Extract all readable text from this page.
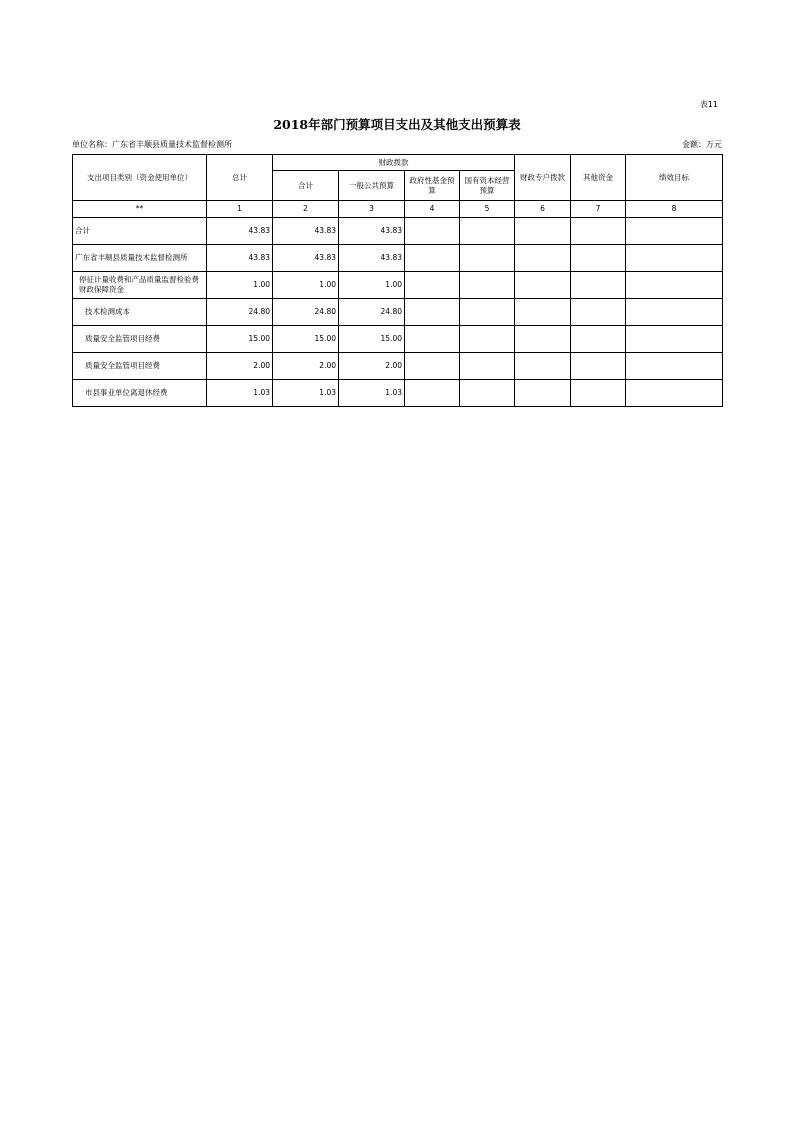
表11
2018年部门预算项目支出及其他支出预算表
单位名称：广东省丰顺县质量技术监督检测所	金额：万元
支出项目类别（资金使用单位）	总计	财政拨款				财政专户拨款	其他资金	绩效目标
		合计	一般公共预算	政府性基金预算	国有资本经营预算			
**	1	2	3	4	5	6	7	8
合计	43.83	43.83	43.83					
广东省丰顺县质量技术监督检测所	43.83	43.83	43.83					
停征计量收费和产品质量监督检验费财政保障资金	1.00	1.00	1.00					
技术检测成本	24.80	24.80	24.80					
质量安全监管项目经费	15.00	15.00	15.00					
质量安全监管项目经费	2.00	2.00	2.00					
市县事业单位离退休经费	1.03	1.03	1.03					
